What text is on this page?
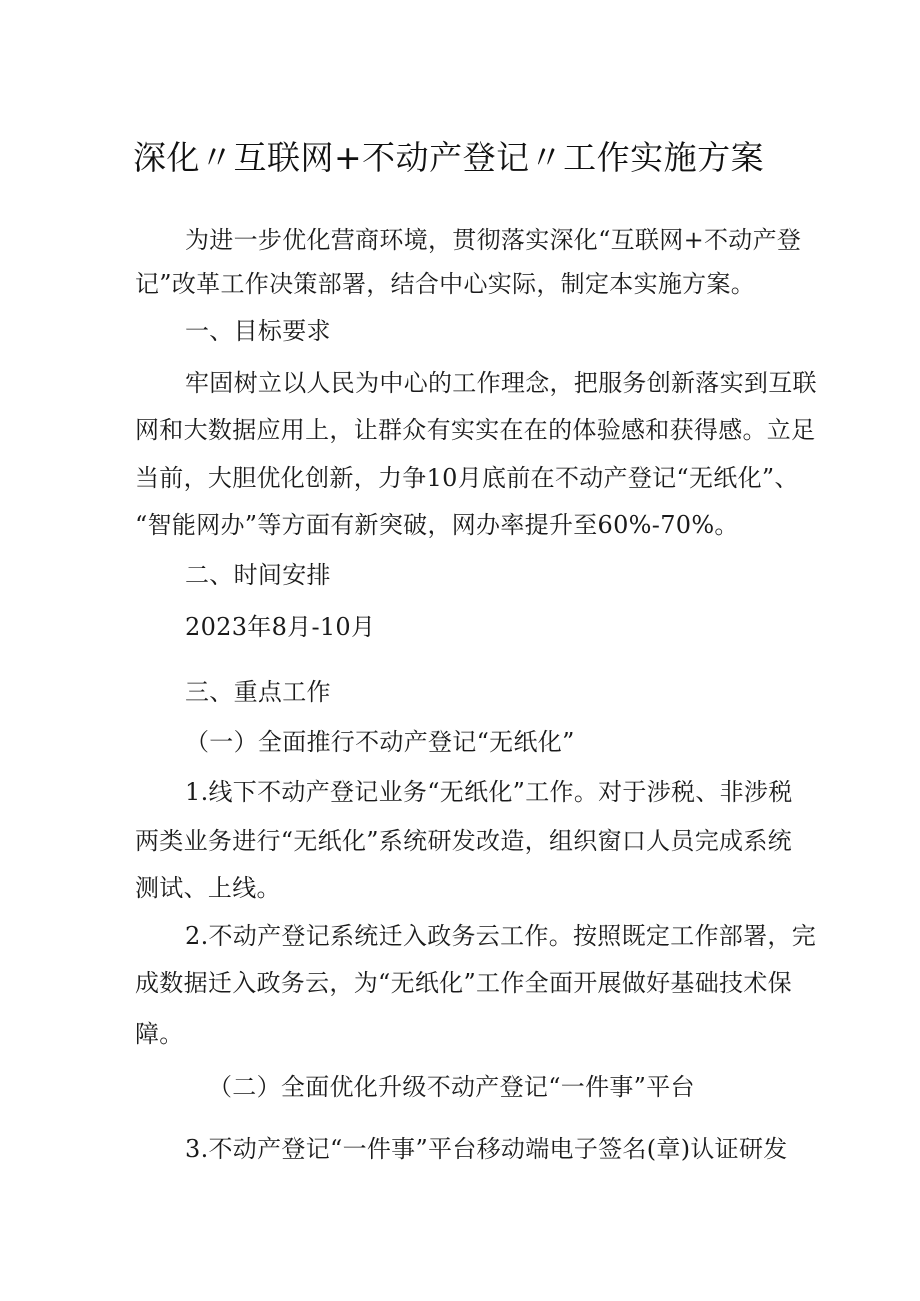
深化〃互联网+不动产登记〃工作实施方案
为进一步优化营商环境，贯彻落实深化“互联网+不动产登
记”改革工作决策部署，结合中心实际，制定本实施方案。
一、目标要求
牢固树立以人民为中心的工作理念，把服务创新落实到互联
网和大数据应用上，让群众有实实在在的体验感和获得感。立足
当前，大胆优化创新，力争10月底前在不动产登记“无纸化”、
“智能网办”等方面有新突破，网办率提升至60%-70%。
二、时间安排
2023年8月-10月
三、重点工作
（一）全面推行不动产登记“无纸化”
1.线下不动产登记业务“无纸化”工作。对于涉税、非涉税
两类业务进行“无纸化”系统研发改造，组织窗口人员完成系统
测试、上线。
2.不动产登记系统迁入政务云工作。按照既定工作部署，完
成数据迁入政务云，为“无纸化”工作全面开展做好基础技术保
障。
（二）全面优化升级不动产登记“一件事”平台
3.不动产登记“一件事”平台移动端电子签名(章)认证研发
